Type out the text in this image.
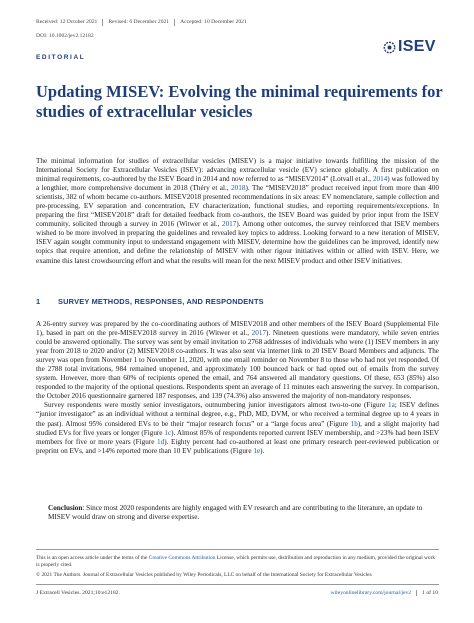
Received: 12 October 2021	Revised: 6 December 2021	Accepted: 10 December 2021
DOI: 10.1002/jev2.12182
ISEV
EDITORIAL
Updating MISEV: Evolving the minimal requirements for studies of extracellular vesicles

The minimal information for studies of extracellular vesicles (MISEV) is a major initiative towards fulfilling the mission of the International Society for Extracellular Vesicles (ISEV): advancing extracellular vesicle (EV) science globally. A first publication on minimal requirements, co-authored by the ISEV Board in 2014 and now referred to as “MISEV2014” (Lotvall et al., 2014) was followed by a lengthier, more comprehensive document in 2018 (Théry et al., 2018). The “MISEV2018” product received input from more than 400 scientists, 382 of whom became co-authors. MISEV2018 presented recommendations in six areas: EV nomenclature, sample collection and pre-processing, EV separation and concentration, EV characterization, functional studies, and reporting requirements/exceptions. In preparing the first “MISEV2018” draft for detailed feedback from co-authors, the ISEV Board was guided by prior input from the ISEV community, solicited through a survey in 2016 (Witwer et al., 2017). Among other outcomes, the survey reinforced that ISEV members wished to be more involved in preparing the guidelines and revealed key topics to address. Looking forward to a new iteration of MISEV, ISEV again sought community input to understand engagement with MISEV, determine how the guidelines can be improved, identify new topics that require attention, and define the relationship of MISEV with other rigour initiatives within or allied with ISEV. Here, we examine this latest crowdsourcing effort and what the results will mean for the next MISEV product and other ISEV initiatives.

1 SURVEY METHODS, RESPONSES, AND RESPONDENTS

A 26-entry survey was prepared by the co-coordinating authors of MISEV2018 and other members of the ISEV Board (Supplemental File 1), based in part on the pre-MISEV2018 survey in 2016 (Witwer et al., 2017). Nineteen questions were mandatory, while seven entries could be answered optionally. The survey was sent by email invitation to 2768 addresses of individuals who were (1) ISEV members in any year from 2018 to 2020 and/or (2) MISEV2018 co-authors. It was also sent via internet link to 20 ISEV Board Members and adjuncts. The survey was open from November 1 to November 11, 2020, with one email reminder on November 8 to those who had not yet responded. Of the 2788 total invitations, 984 remained unopened, and approximately 100 bounced back or had opted out of emails from the survey system. However, more than 60% of recipients opened the email, and 764 answered all mandatory questions. Of these, 653 (85%) also responded to the majority of the optional questions. Respondents spent an average of 11 minutes each answering the survey. In comparison, the October 2016 questionnaire garnered 187 responses, and 139 (74.3%) also answered the majority of non-mandatory responses.

Survey respondents were mostly senior investigators, outnumbering junior investigators almost two-to-one (Figure 1a; ISEV defines “junior investigator” as an individual without a terminal degree, e.g., PhD, MD, DVM, or who received a terminal degree up to 4 years in the past). Almost 95% considered EVs to be their “major research focus” or a “large focus area” (Figure 1b), and a slight majority had studied EVs for five years or longer (Figure 1c). Almost 85% of respondents reported current ISEV membership, and >23% had been ISEV members for five or more years (Figure 1d). Eighty percent had co-authored at least one primary research peer-reviewed publication or preprint on EVs, and >14% reported more than 10 EV publications (Figure 1e).

Conclusion: Since most 2020 respondents are highly engaged with EV research and are contributing to the literature, an update to MISEV would draw on strong and diverse expertise.
This is an open access article under the terms of the Creative Commons Attribution License, which permits use, distribution and reproduction in any medium, provided the original work is properly cited.
© 2021 The Authors. Journal of Extracellular Vesicles published by Wiley Periodicals, LLC on behalf of the International Society for Extracellular Vesicles
J Extracell Vesicles. 2021;10:e12182.	wileyonlinelibrary.com/journal/jev2	1 of 10
